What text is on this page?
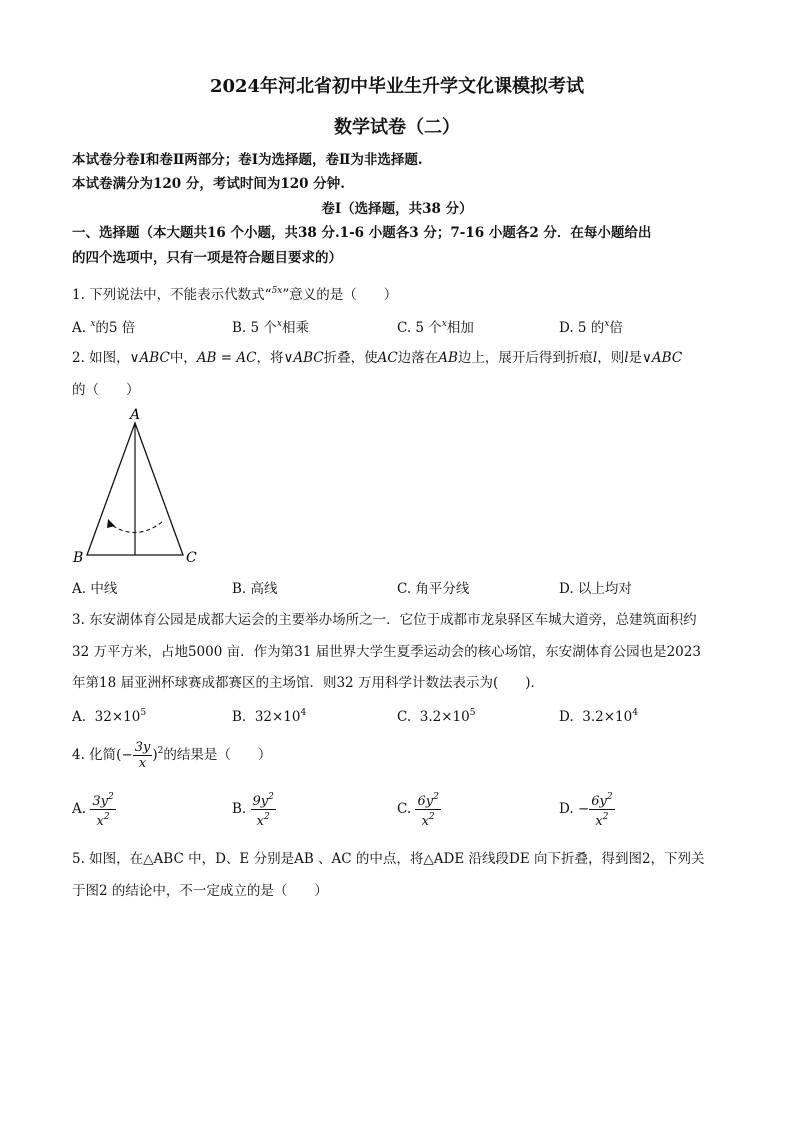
2024年河北省初中毕业生升学文化课模拟考试
数学试卷（二）
本试卷分卷Ⅰ和卷Ⅱ两部分；卷Ⅰ为选择题，卷Ⅱ为非选择题.
本试卷满分为120 分，考试时间为120 分钟.
卷Ⅰ（选择题，共38 分）
一、选择题（本大题共16 个小题，共38 分.1-6 小题各3 分；7-16 小题各2 分．在每小题给出
的四个选项中，只有一项是符合题目要求的）
1. 下列说法中，不能表示代数式“$^{5x}$”意义的是（　　）
A. $^x$的5 倍	B. 5 个$^x$相乘	C. 5 个$^x$相加	D. 5 的$^x$倍
2. 如图，∨ABC中，AB = AC，将∨ABC折叠，使AC边落在AB边上，展开后得到折痕l，则l是∨ABC
的（　　）
A
B	C
A. 中线	B. 高线	C. 角平分线	D. 以上均对
3. 东安湖体育公园是成都大运会的主要举办场所之一．它位于成都市龙泉驿区车城大道旁，总建筑面积约
32 万平方米，占地5000 亩．作为第31 届世界大学生夏季运动会的核心场馆，东安湖体育公园也是2023
年第18 届亚洲杯球赛成都赛区的主场馆．则32 万用科学计数法表示为(　　)．
A. $32\times 10^5$	B. $32\times 10^4$	C. $3.2\times 10^5$	D. $3.2\times 10^4$
4. 化简(− $\frac{3y}{x} )^2$的结果是（　　）
A. $\frac{3y^2}{x^2}$	B. $\frac{9y^2}{x^2}$	C. $\frac{6y^2}{x^2}$	D. − $\frac{6y^2}{x^2}$
5. 如图，在△ABC 中，D、E 分别是AB 、AC 的中点，将△ADE 沿线段DE 向下折叠，得到图2，下列关
于图2 的结论中，不一定成立的是（　　）
